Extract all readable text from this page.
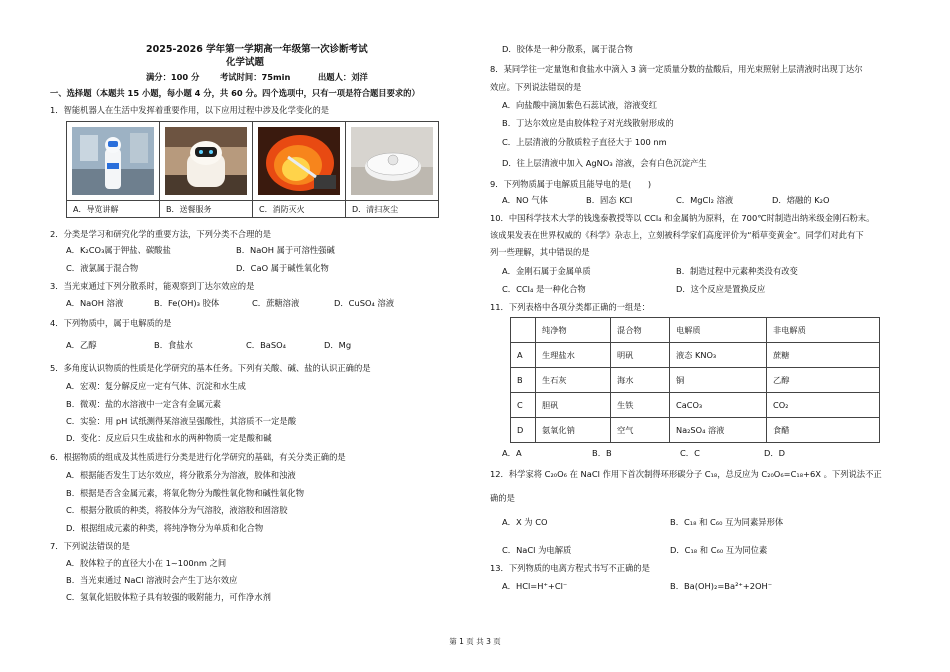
2025-2026 学年第一学期高一年级第一次诊断考试
化学试题
满分：100 分 考试时间：75min	出题人：刘洋
一、选择题（本题共 15 小题，每小题 4 分，共 60 分。四个选项中，只有一项是符合题目要求的）
1．智能机器人在生活中发挥着重要作用，以下应用过程中涉及化学变化的是

A．导览讲解	B．送餐服务	C．消防灭火	D．清扫灰尘
2．分类是学习和研究化学的重要方法，下列分类不合理的是
A．K₂CO₃属于钾盐、碳酸盐	B．NaOH 属于可溶性强碱
C．液氯属于混合物	D．CaO 属于碱性氧化物
3．当光束通过下列分散系时，能观察到丁达尔效应的是
A．NaOH 溶液	B．Fe(OH)₃ 胶体	C．蔗糖溶液	D．CuSO₄ 溶液
4．下列物质中，属于电解质的是
A．乙醇	B．食盐水	C．BaSO₄	D．Mg
5．多角度认识物质的性质是化学研究的基本任务。下列有关酸、碱、盐的认识正确的是
A．宏观：复分解反应一定有气体、沉淀和水生成
B．微观：盐的水溶液中一定含有金属元素
C．实验：用 pH 试纸测得某溶液呈强酸性，其溶质不一定是酸
D．变化：反应后只生成盐和水的两种物质一定是酸和碱
6．根据物质的组成及其性质进行分类是进行化学研究的基础，有关分类正确的是
A．根据能否发生丁达尔效应，将分散系分为溶液，胶体和浊液
B．根据是否含金属元素，将氧化物分为酸性氧化物和碱性氧化物
C．根据分散质的种类，将胶体分为气溶胶，液溶胶和固溶胶
D．根据组成元素的种类，将纯净物分为单质和化合物
7．下列说法错误的是
A．胶体粒子的直径大小在 1~100nm 之间
B．当光束通过 NaCl 溶液时会产生丁达尔效应
C．氢氧化铝胶体粒子具有较强的吸附能力，可作净水剂
D．胶体是一种分散系，属于混合物
8．某同学往一定量饱和食盐水中滴入 3 滴一定质量分数的盐酸后，用光束照射上层清液时出现丁达尔
效应。下列说法错误的是
A．向盐酸中滴加紫色石蕊试液，溶液变红
B．丁达尔效应是由胶体粒子对光线散射形成的
C．上层清液的分散质粒子直径大于 100 nm
D．往上层清液中加入 AgNO₃ 溶液，会有白色沉淀产生
9．下列物质属于电解质且能导电的是(　　)
A．NO 气体	B．固态 KCl	C．MgCl₂ 溶液	D．熔融的 K₂O
10．中国科学技术大学的钱逸泰教授等以 CCl₄ 和金属钠为原料，在 700℃时制造出纳米级金刚石粉末。
该成果发表在世界权威的《科学》杂志上，立刻被科学家们高度评价为“稻草变黄金”。同学们对此有下
列一些理解，其中错误的是
A．金刚石属于金属单质	B．制造过程中元素种类没有改变
C．CCl₄ 是一种化合物	D．这个反应是置换反应
11．下列表格中各项分类都正确的一组是：
	纯净物	混合物	电解质	非电解质
A	生理盐水	明矾	液态 KNO₃	蔗糖
B	生石灰	海水	铜	乙醇
C	胆矾	生铁	CaCO₃	CO₂
D	氨氧化钠	空气	Na₂SO₄ 溶液	食醋
A．A	B．B	C．C	D．D
12．科学家将 C₂₀O₆ 在 NaCl 作用下首次制得环形碳分子 C₁₈，总反应为 C₂₀O₆=C₁₈+6X 。下列说法不正
确的是
A．X 为 CO	B．C₁₈ 和 C₆₀ 互为同素异形体
C．NaCl 为电解质	D．C₁₈ 和 C₆₀ 互为同位素
13．下列物质的电离方程式书写不正确的是
A．HCl=H⁺+Cl⁻	B．Ba(OH)₂=Ba²⁺+2OH⁻
第 1 页 共 3 页
